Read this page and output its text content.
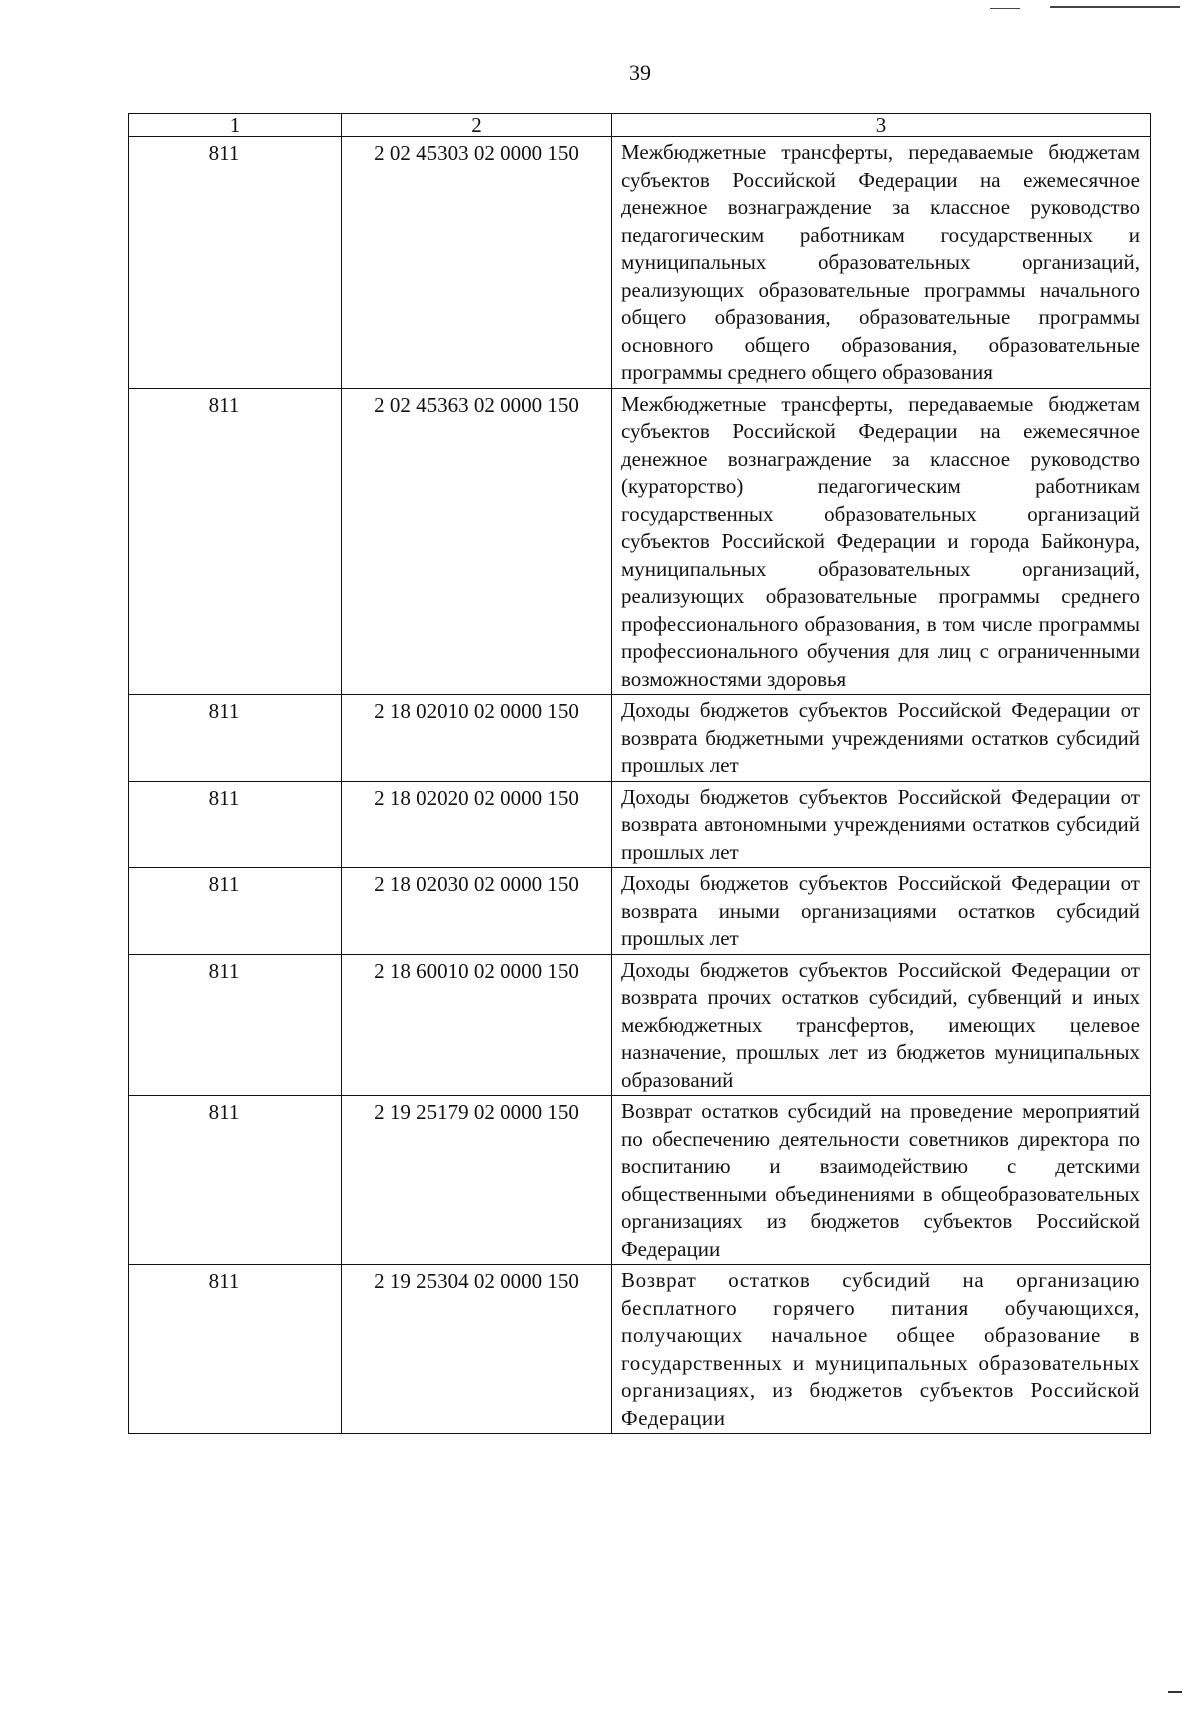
39
1	2	3
811	2 02 45303 02 0000 150	Межбюджетные трансферты, передаваемые бюджетам субъектов Российской Федерации на ежемесячное денежное вознаграждение за классное руководство педагогическим работникам государственных и муниципальных образовательных организаций, реализующих образовательные программы начального общего образования, образовательные программы основного общего образования, образовательные программы среднего общего образования
811	2 02 45363 02 0000 150	Межбюджетные трансферты, передаваемые бюджетам субъектов Российской Федерации на ежемесячное денежное вознаграждение за классное руководство (кураторство) педагогическим работникам государственных образовательных организаций субъектов Российской Федерации и города Байконура, муниципальных образовательных организаций, реализующих образовательные программы среднего профессионального образования, в том числе программы профессионального обучения для лиц с ограниченными возможностями здоровья
811	2 18 02010 02 0000 150	Доходы бюджетов субъектов Российской Федерации от возврата бюджетными учреждениями остатков субсидий прошлых лет
811	2 18 02020 02 0000 150	Доходы бюджетов субъектов Российской Федерации от возврата автономными учреждениями остатков субсидий прошлых лет
811	2 18 02030 02 0000 150	Доходы бюджетов субъектов Российской Федерации от возврата иными организациями остатков субсидий прошлых лет
811	2 18 60010 02 0000 150	Доходы бюджетов субъектов Российской Федерации от возврата прочих остатков субсидий, субвенций и иных межбюджетных трансфертов, имеющих целевое назначение, прошлых лет из бюджетов муниципальных образований
811	2 19 25179 02 0000 150	Возврат остатков субсидий на проведение мероприятий по обеспечению деятельности советников директора по воспитанию и взаимодействию с детскими общественными объединениями в общеобразовательных организациях из бюджетов субъектов Российской Федерации
811	2 19 25304 02 0000 150	Возврат остатков субсидий на организацию бесплатного горячего питания обучающихся, получающих начальное общее образование в государственных и муниципальных образовательных организациях, из бюджетов субъектов Российской Федерации
